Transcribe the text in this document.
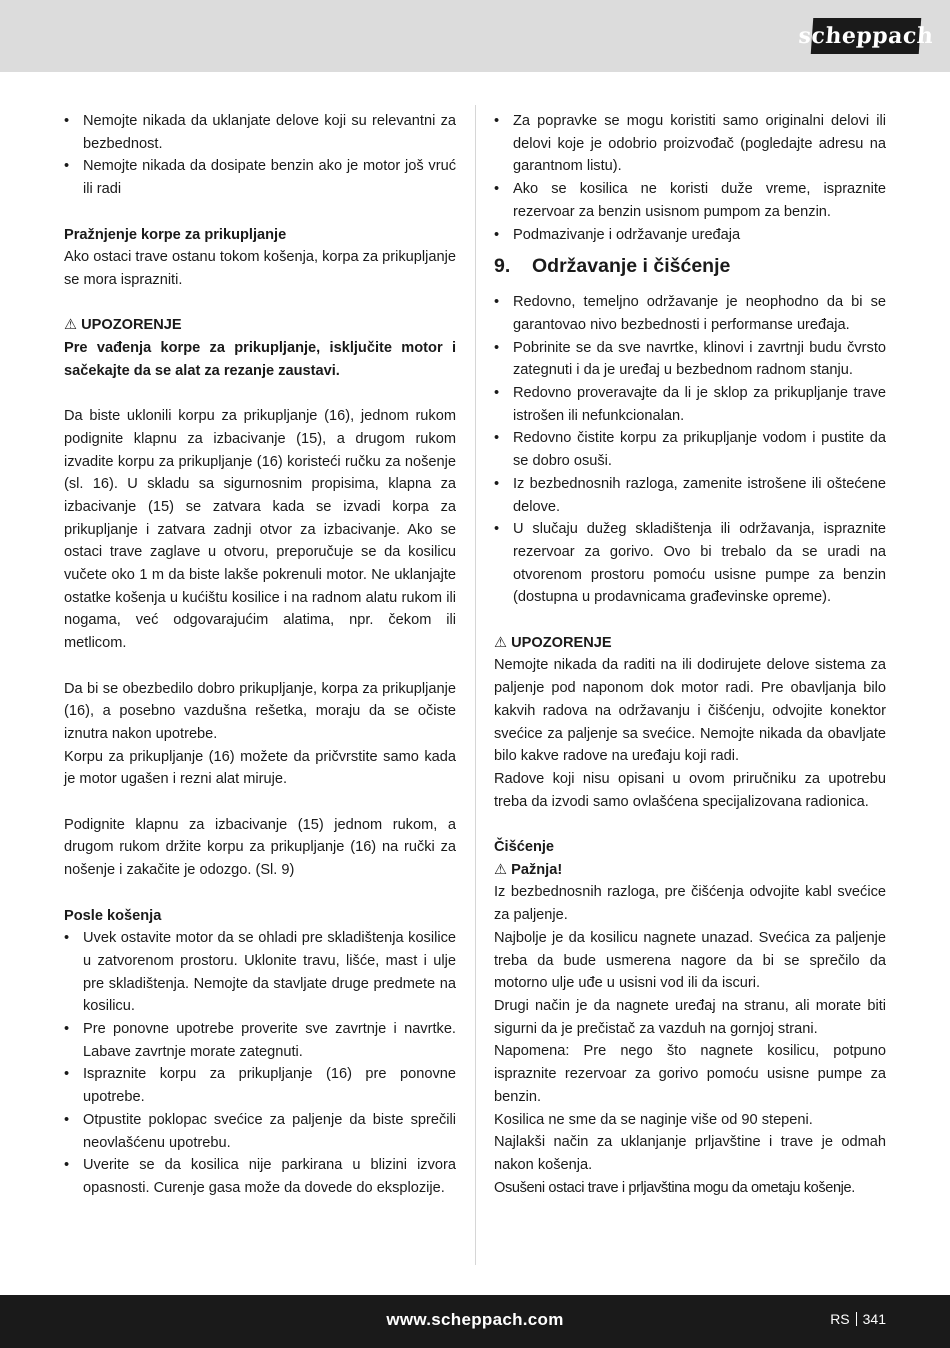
scheppach
• Nemojte nikada da uklanjate delove koji su relevantni za bezbednost.
• Nemojte nikada da dosipate benzin ako je motor još vruć ili radi

Pražnjenje korpe za prikupljanje

Ako ostaci trave ostanu tokom košenja, korpa za prikupljanje se mora isprazniti.

⚠ UPOZORENJE

Pre vađenja korpe za prikupljanje, isključite motor i sačekajte da se alat za rezanje zaustavi.

Da biste uklonili korpu za prikupljanje (16), jednom rukom podignite klapnu za izbacivanje (15), a drugom rukom izvadite korpu za prikupljanje (16) koristeći ručku za nošenje (sl. 16). U skladu sa sigurnosnim propisima, klapna za izbacivanje (15) se zatvara kada se izvadi korpa za prikupljanje i zatvara zadnji otvor za izbacivanje. Ako se ostaci trave zaglave u otvoru, preporučuje se da kosilicu vučete oko 1 m da biste lakše pokrenuli motor. Ne uklanjajte ostatke košenja u kućištu kosilice i na radnom alatu rukom ili nogama, već odgovarajućim alatima, npr. čekom ili metlicom.

Da bi se obezbedilo dobro prikupljanje, korpa za prikupljanje (16), a posebno vazdušna rešetka, moraju da se očiste iznutra nakon upotrebe.

Korpu za prikupljanje (16) možete da pričvrstite samo kada je motor ugašen i rezni alat miruje.

Podignite klapnu za izbacivanje (15) jednom rukom, a drugom rukom držite korpu za prikupljanje (16) na ručki za nošenje i zakačite je odozgo. (Sl. 9)

Posle košenja

• Uvek ostavite motor da se ohladi pre skladištenja kosilice u zatvorenom prostoru. Uklonite travu, lišće, mast i ulje pre skladištenja. Nemojte da stavljate druge predmete na kosilicu.
• Pre ponovne upotrebe proverite sve zavrtnje i navrtke. Labave zavrtnje morate zategnuti.
• Ispraznite korpu za prikupljanje (16) pre ponovne upotrebe.
• Otpustite poklopac svećice za paljenje da biste sprečili neovlašćenu upotrebu.
• Uverite se da kosilica nije parkirana u blizini izvora opasnosti. Curenje gasa može da dovede do eksplozije.
• Za popravke se mogu koristiti samo originalni delovi ili delovi koje je odobrio proizvođač (pogledajte adresu na garantnom listu).
• Ako se kosilica ne koristi duže vreme, ispraznite rezervoar za benzin usisnom pumpom za benzin.
• Podmazivanje i održavanje uređaja
9. Održavanje i čišćenje
• Redovno, temeljno održavanje je neophodno da bi se garantovao nivo bezbednosti i performanse uređaja.
• Pobrinite se da sve navrtke, klinovi i zavrtnji budu čvrsto zategnuti i da je uređaj u bezbednom radnom stanju.
• Redovno proveravajte da li je sklop za prikupljanje trave istrošen ili nefunkcionalan.
• Redovno čistite korpu za prikupljanje vodom i pustite da se dobro osuši.
• Iz bezbednosnih razloga, zamenite istrošene ili oštećene delove.
• U slučaju dužeg skladištenja ili održavanja, ispraznite rezervoar za gorivo. Ovo bi trebalo da se uradi na otvorenom prostoru pomoću usisne pumpe za benzin (dostupna u prodavnicama građevinske opreme).

⚠ UPOZORENJE

Nemojte nikada da raditi na ili dodirujete delove sistema za paljenje pod naponom dok motor radi. Pre obavljanja bilo kakvih radova na održavanju i čišćenju, odvojite konektor svećice za paljenje sa svećice. Nemojte nikada da obavljate bilo kakve radove na uređaju koji radi.

Radove koji nisu opisani u ovom priručniku za upotrebu treba da izvodi samo ovlašćena specijalizovana radionica.

Čišćenje

⚠ Pažnja!

Iz bezbednosnih razloga, pre čišćenja odvojite kabl svećice za paljenje.

Najbolje je da kosilicu nagnete unazad. Svećica za paljenje treba da bude usmerena nagore da bi se sprečilo da motorno ulje uđe u usisni vod ili da iscuri.

Drugi način je da nagnete uređaj na stranu, ali morate biti sigurni da je prečistač za vazduh na gornjoj strani.

Napomena: Pre nego što nagnete kosilicu, potpuno ispraznite rezervoar za gorivo pomoću usisne pumpe za benzin.

Kosilica ne sme da se naginje više od 90 stepeni.

Najlakši način za uklanjanje prljavštine i trave je odmah nakon košenja.

Osušeni ostaci trave i prljavština mogu da ometaju košenje.

www.scheppach.com	RS 341
